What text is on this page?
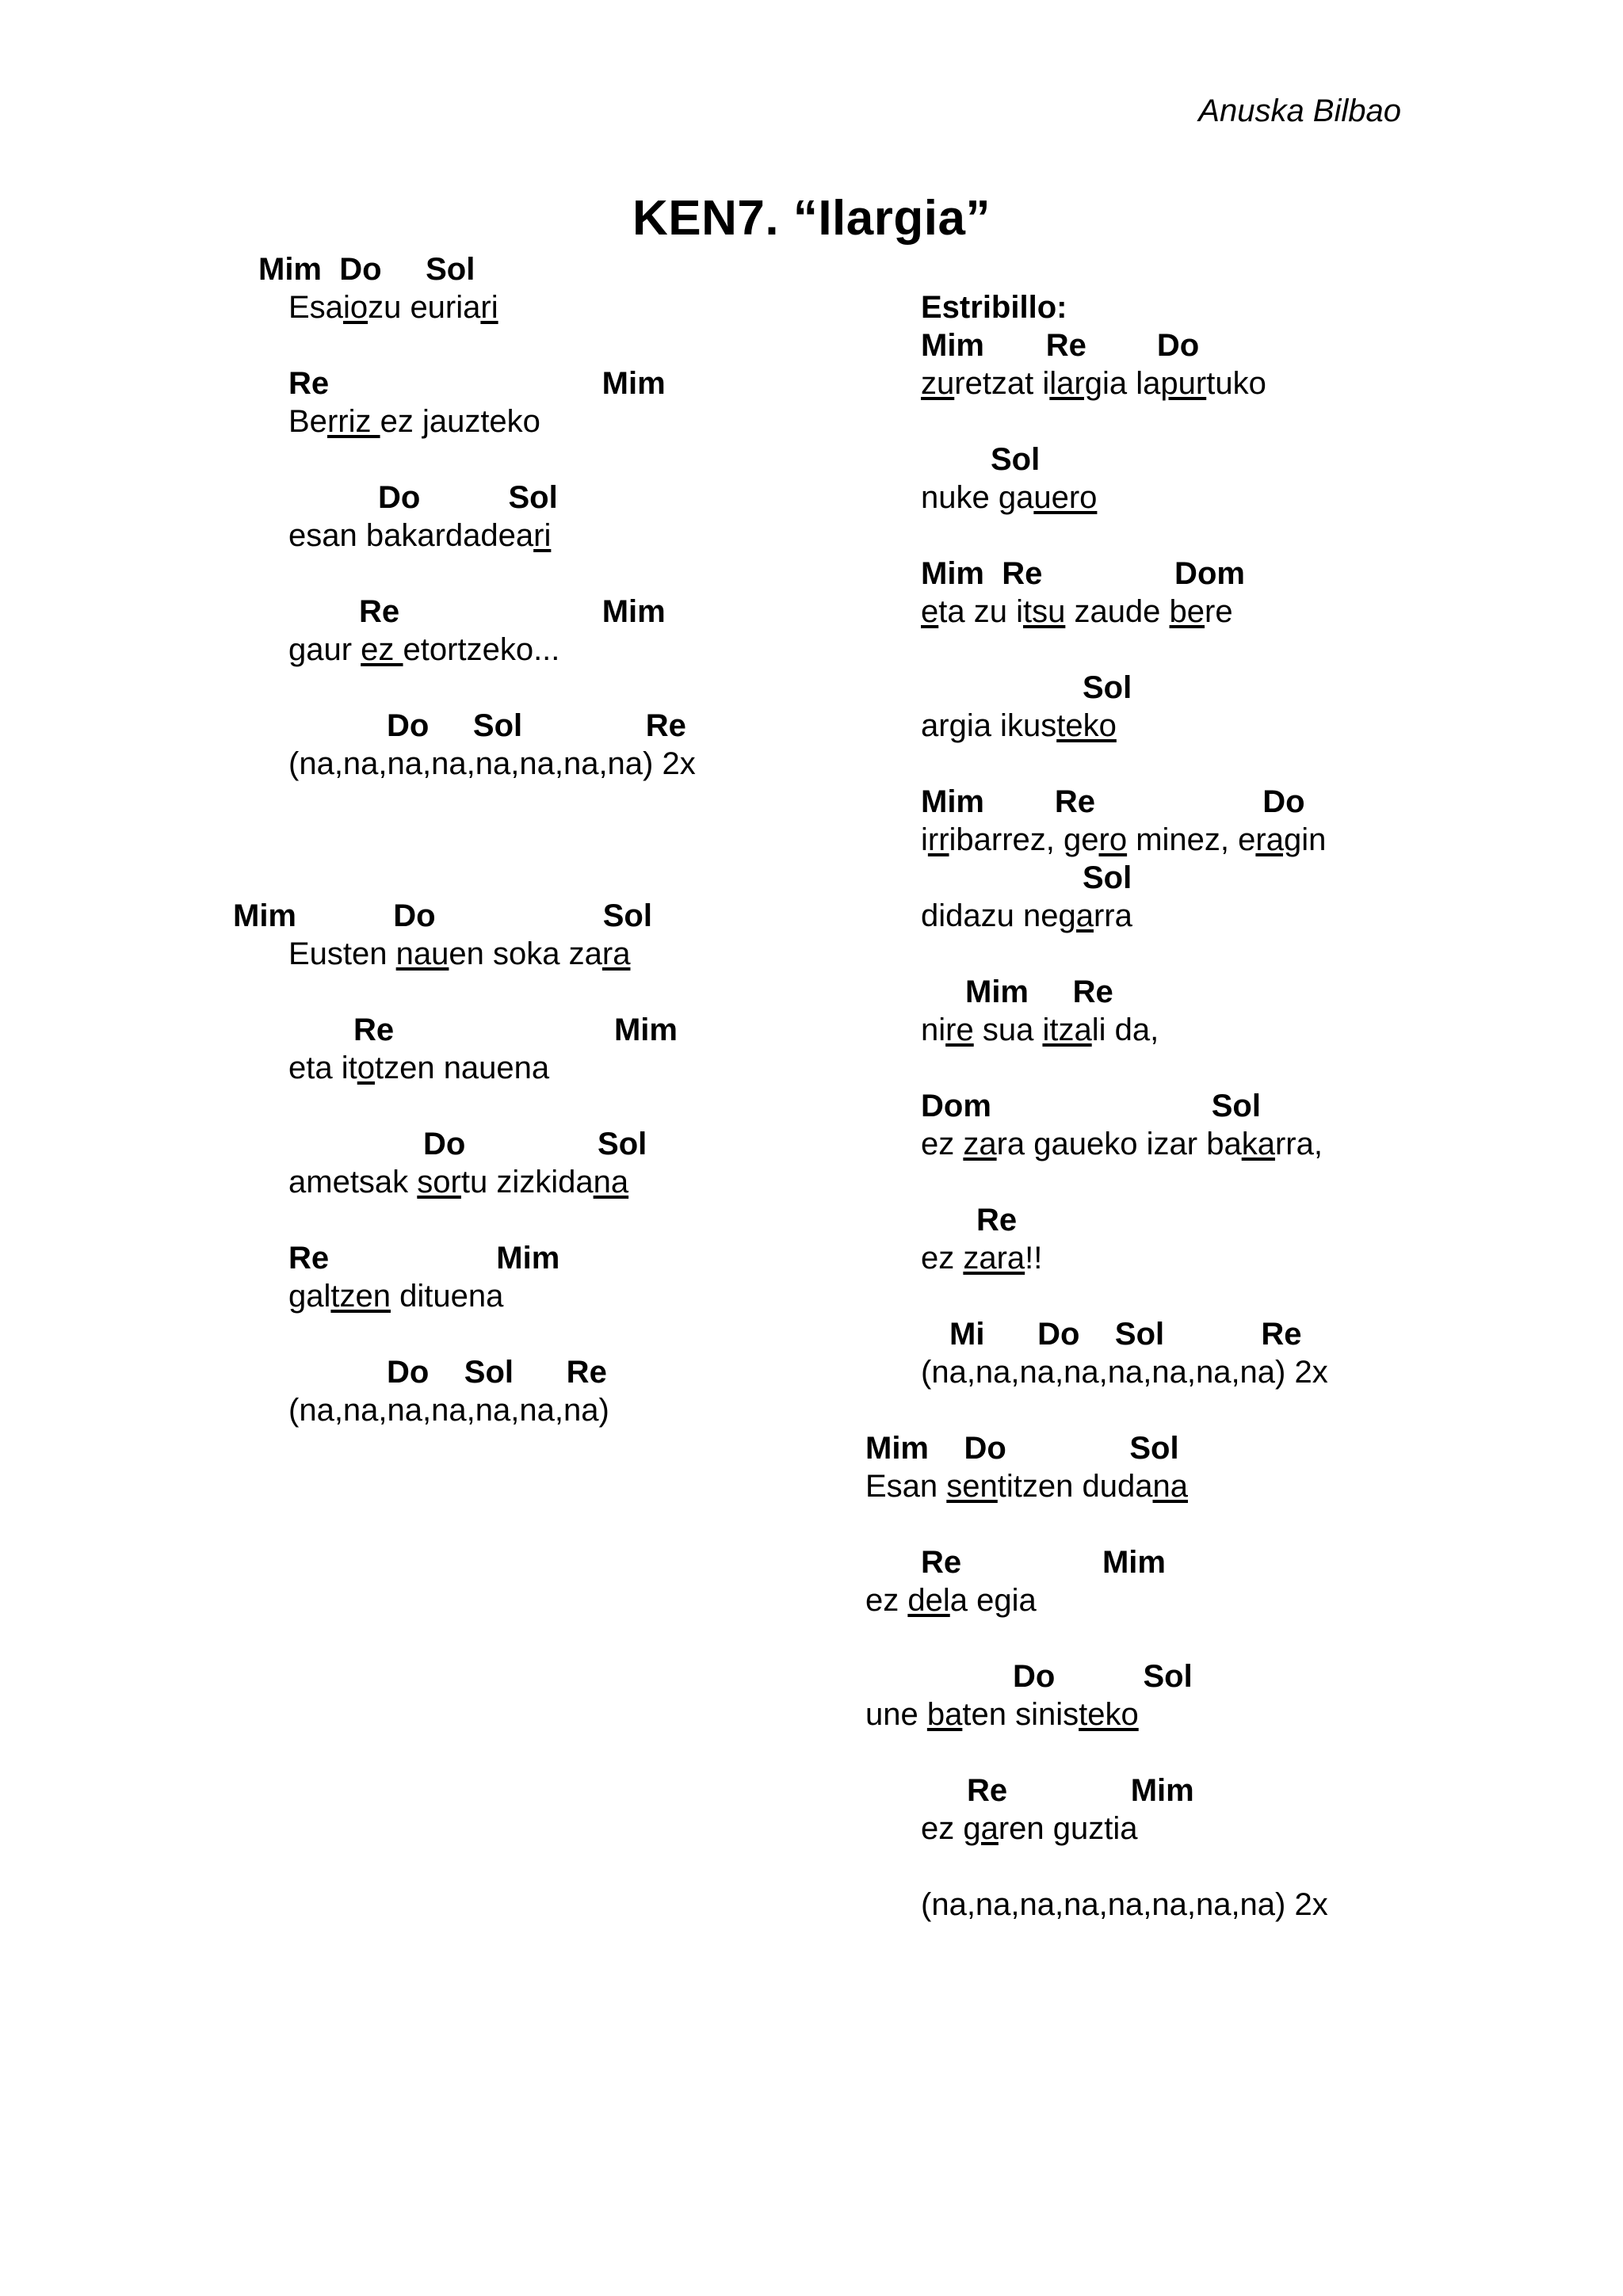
Anuska Bilbao
KEN7. “Ilargia”
Mim  Do     Sol
Esaiozu euriari
Re                               Mim
Berriz ez jauzteko
Do          Sol
esan bakardadeari
Re                       Mim
gaur ez etortzeko...
Do     Sol              Re
(na,na,na,na,na,na,na,na) 2x
Mim           Do                   Sol
Eusten nauen soka zara
Re                         Mim
eta itotzen nauena
Do               Sol
ametsak sortu zizkidana
Re                   Mim
galtzen dituena
Do    Sol      Re
(na,na,na,na,na,na,na)
Estribillo:
Mim       Re        Do
zuretzat ilargia lapurtuko
Sol
nuke gauero
Mim  Re               Dom
eta zu itsu zaude bere
Sol
argia ikusteko
Mim        Re                   Do
irribarrez, gero minez, eragin
Sol
didazu negarra
Mim     Re
nire sua itzali da,
Dom                         Sol
ez zara gaueko izar bakarra,
Re
ez zara!!
Mi      Do    Sol           Re
(na,na,na,na,na,na,na,na) 2x
Mim    Do              Sol
Esan sentitzen dudana
Re                Mim
ez dela egia
Do          Sol
une baten sinisteko
Re              Mim
ez garen guztia
(na,na,na,na,na,na,na,na) 2x
